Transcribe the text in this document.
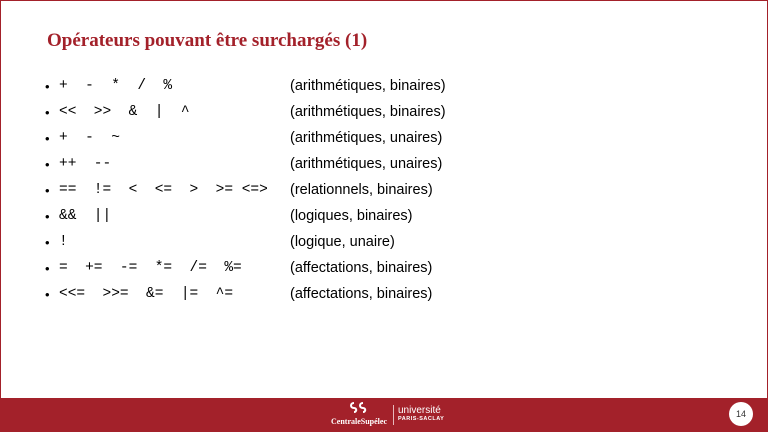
Opérateurs pouvant être surchargés (1)
• +  -  *  /  %	(arithmétiques, binaires)
• <<  >>  &  |  ^	(arithmétiques, binaires)
• +  -  ~	(arithmétiques, unaires)
• ++  --	(arithmétiques, unaires)
• ==  !=  <  <=  >  >= <=> (relationnels, binaires)
• &&  ||	(logiques, binaires)
• !	(logique, unaire)
• =  +=  -=  *=  /=  %=	(affectations, binaires)
• <<=  >>=  &=  |=  ^=	(affectations, binaires)
CentraleSupélec
université
PARIS-SACLAY	14
